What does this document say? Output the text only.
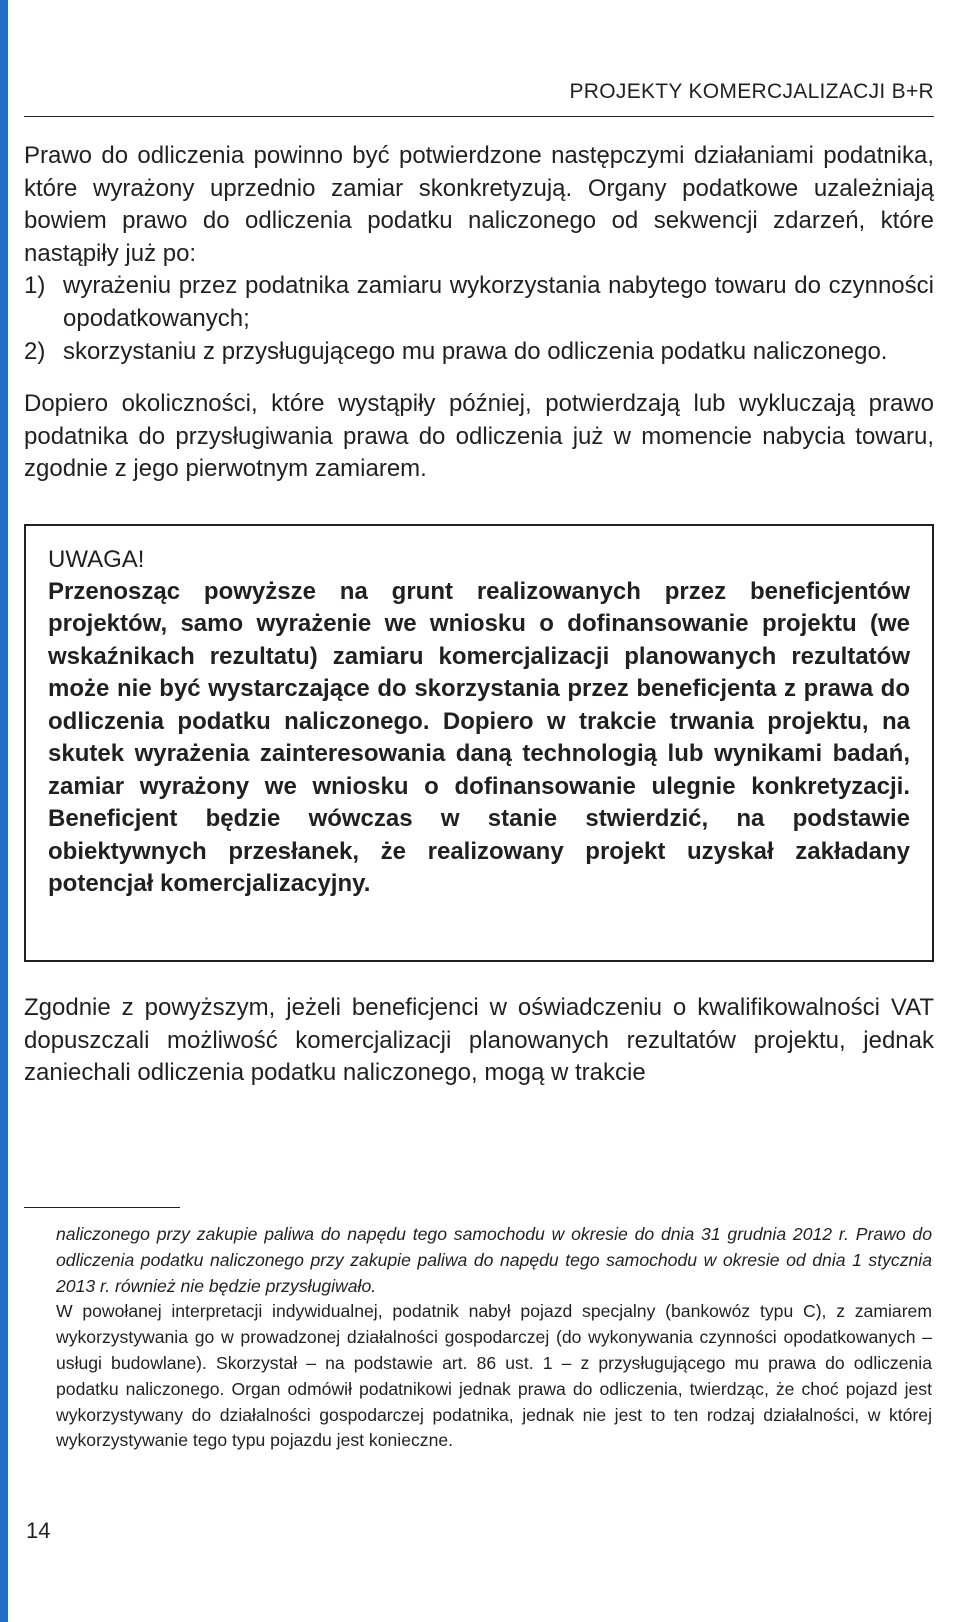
PROJEKTY KOMERCJALIZACJI B+R

Prawo do odliczenia powinno być potwierdzone następczymi działaniami podatnika, które wyrażony uprzednio zamiar skonkretyzują. Organy podatkowe uzależniają bowiem prawo do odliczenia podatku naliczonego od sekwencji zdarzeń, które nastąpiły już po:

1) wyrażeniu przez podatnika zamiaru wykorzystania nabytego towaru do czynności opodatkowanych;
2) skorzystaniu z przysługującego mu prawa do odliczenia podatku naliczonego.

Dopiero okoliczności, które wystąpiły później, potwierdzają lub wykluczają prawo podatnika do przysługiwania prawa do odliczenia już w momencie nabycia towaru, zgodnie z jego pierwotnym zamiarem.

UWAGA!
Przenosząc powyższe na grunt realizowanych przez beneficjentów projektów, samo wyrażenie we wniosku o dofinansowanie projektu (we wskaźnikach rezultatu) zamiaru komercjalizacji planowanych rezultatów może nie być wystarczające do skorzystania przez beneficjenta z prawa do odliczenia podatku naliczonego. Dopiero w trakcie trwania projektu, na skutek wyrażenia zainteresowania daną technologią lub wynikami badań, zamiar wyrażony we wniosku o dofinansowanie ulegnie konkretyzacji. Beneficjent będzie wówczas w stanie stwierdzić, na podstawie obiektywnych przesłanek, że realizowany projekt uzyskał zakładany potencjał komercjalizacyjny.

Zgodnie z powyższym, jeżeli beneficjenci w oświadczeniu o kwalifikowalności VAT dopuszczali możliwość komercjalizacji planowanych rezultatów projektu, jednak zaniechali odliczenia podatku naliczonego, mogą w trakcie

naliczonego przy zakupie paliwa do napędu tego samochodu w okresie do dnia 31 grudnia 2012 r. Prawo do odliczenia podatku naliczonego przy zakupie paliwa do napędu tego samochodu w okresie od dnia 1 stycznia 2013 r. również nie będzie przysługiwało.

W powołanej interpretacji indywidualnej, podatnik nabył pojazd specjalny (bankowóz typu C), z zamiarem wykorzystywania go w prowadzonej działalności gospodarczej (do wykonywania czynności opodatkowanych – usługi budowlane). Skorzystał – na podstawie art. 86 ust. 1 – z przysługującego mu prawa do odliczenia podatku naliczonego. Organ odmówił podatnikowi jednak prawa do odliczenia, twierdząc, że choć pojazd jest wykorzystywany do działalności gospodarczej podatnika, jednak nie jest to ten rodzaj działalności, w której wykorzystywanie tego typu pojazdu jest konieczne.

14
